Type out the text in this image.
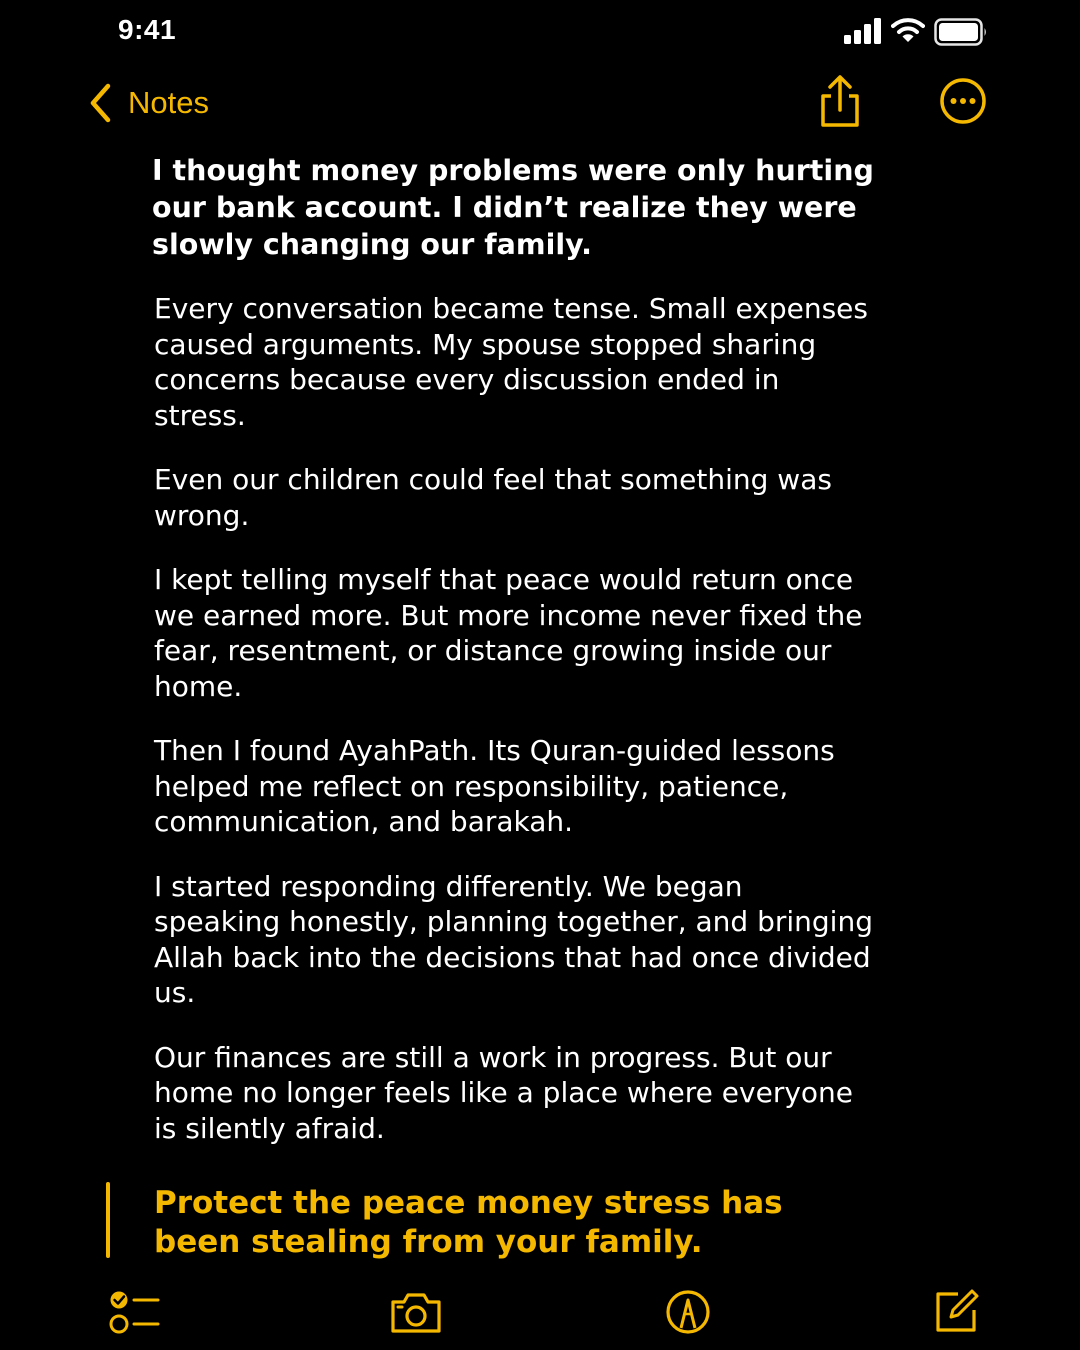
9:41
Notes

I thought money problems were only hurting our bank account. I didn’t realize they were slowly changing our family.

Every conversation became tense. Small expenses caused arguments. My spouse stopped sharing concerns because every discussion ended in stress.

Even our children could feel that something was wrong.

I kept telling myself that peace would return once we earned more. But more income never fixed the fear, resentment, or distance growing inside our home.

Then I found AyahPath. Its Quran-guided lessons helped me reflect on responsibility, patience, communication, and barakah.

I started responding differently. We began speaking honestly, planning together, and bringing Allah back into the decisions that had once divided us.

Our finances are still a work in progress. But our home no longer feels like a place where everyone is silently afraid.

Protect the peace money stress has been stealing from your family.
